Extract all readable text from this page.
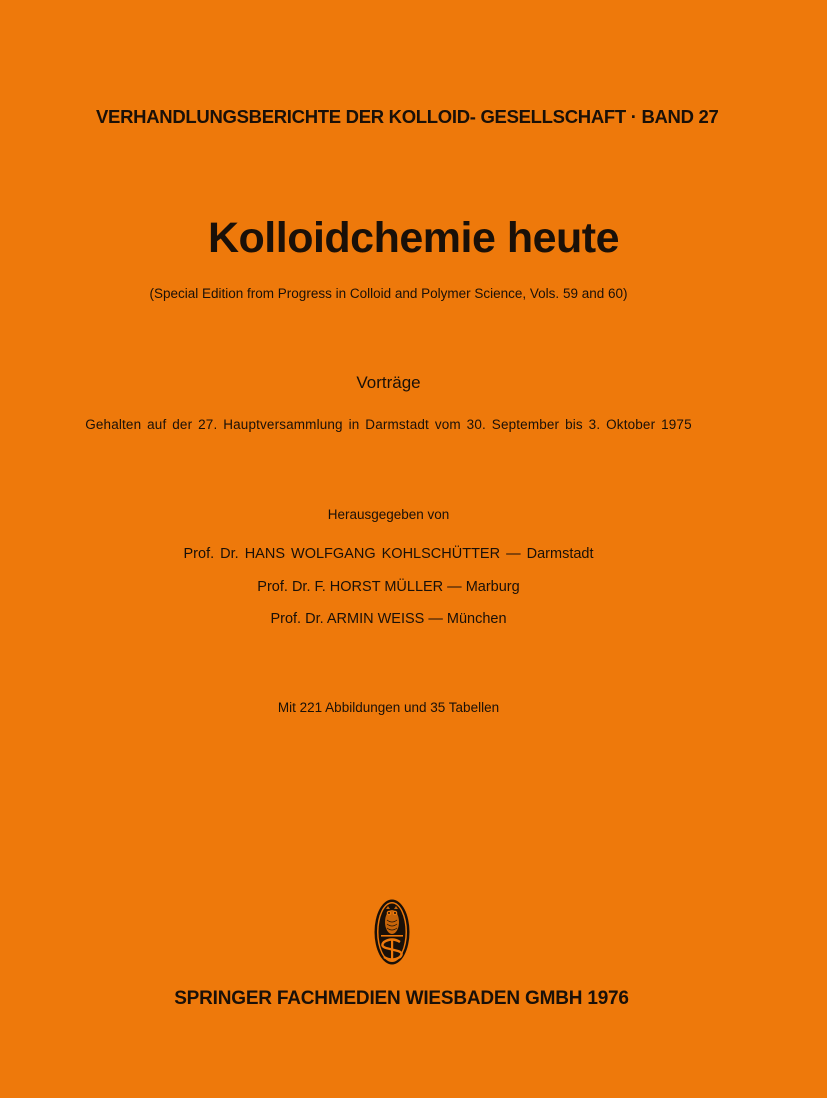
VERHANDLUNGSBERICHTE DER KOLLOID- GESELLSCHAFT · BAND 27
Kolloidchemie heute
(Special Edition from Progress in Colloid and Polymer Science, Vols. 59 and 60)
Vorträge
Gehalten auf der 27. Hauptversammlung in Darmstadt vom 30. September bis 3. Oktober 1975
Herausgegeben von
Prof. Dr. HANS WOLFGANG KOHLSCHÜTTER — Darmstadt
Prof. Dr. F. HORST MÜLLER — Marburg
Prof. Dr. ARMIN WEISS — München
Mit 221 Abbildungen und 35 Tabellen
SPRINGER FACHMEDIEN WIESBADEN GMBH 1976
